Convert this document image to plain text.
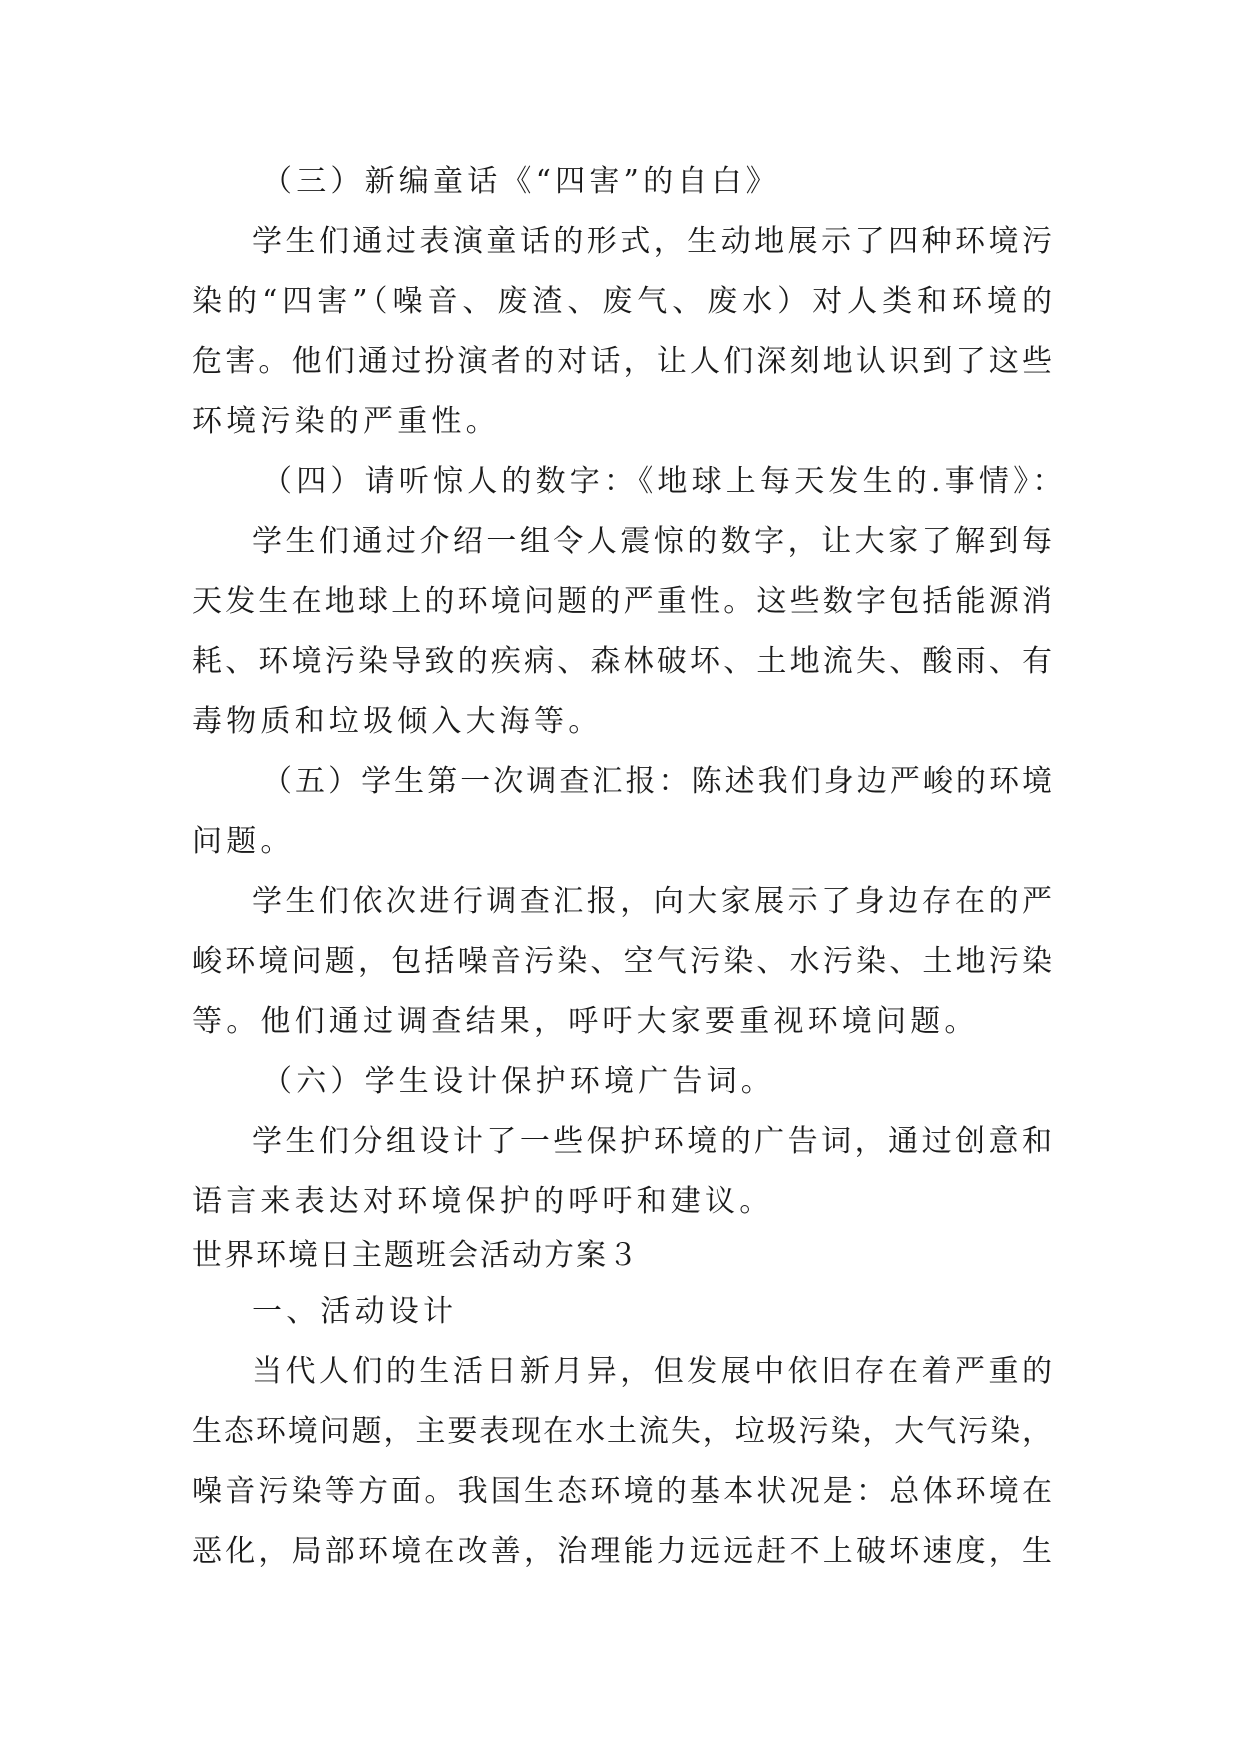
（三）新编童话《“四害”的自白》
学生们通过表演童话的形式，生动地展示了四种环境污
染的“四害”（噪音、废渣、废气、废水）对人类和环境的
危害。他们通过扮演者的对话，让人们深刻地认识到了这些
环境污染的严重性。
（四）请听惊人的数字：《地球上每天发生的.事情》：
学生们通过介绍一组令人震惊的数字，让大家了解到每
天发生在地球上的环境问题的严重性。这些数字包括能源消
耗、环境污染导致的疾病、森林破坏、土地流失、酸雨、有
毒物质和垃圾倾入大海等。
（五）学生第一次调查汇报：陈述我们身边严峻的环境
问题。
学生们依次进行调查汇报，向大家展示了身边存在的严
峻环境问题，包括噪音污染、空气污染、水污染、土地污染
等。他们通过调查结果，呼吁大家要重视环境问题。
（六）学生设计保护环境广告词。
学生们分组设计了一些保护环境的广告词，通过创意和
语言来表达对环境保护的呼吁和建议。
世界环境日主题班会活动方案３
一、活动设计
当代人们的生活日新月异，但发展中依旧存在着严重的
生态环境问题，主要表现在水土流失，垃圾污染，大气污染，
噪音污染等方面。我国生态环境的基本状况是：总体环境在
恶化，局部环境在改善，治理能力远远赶不上破坏速度，生
